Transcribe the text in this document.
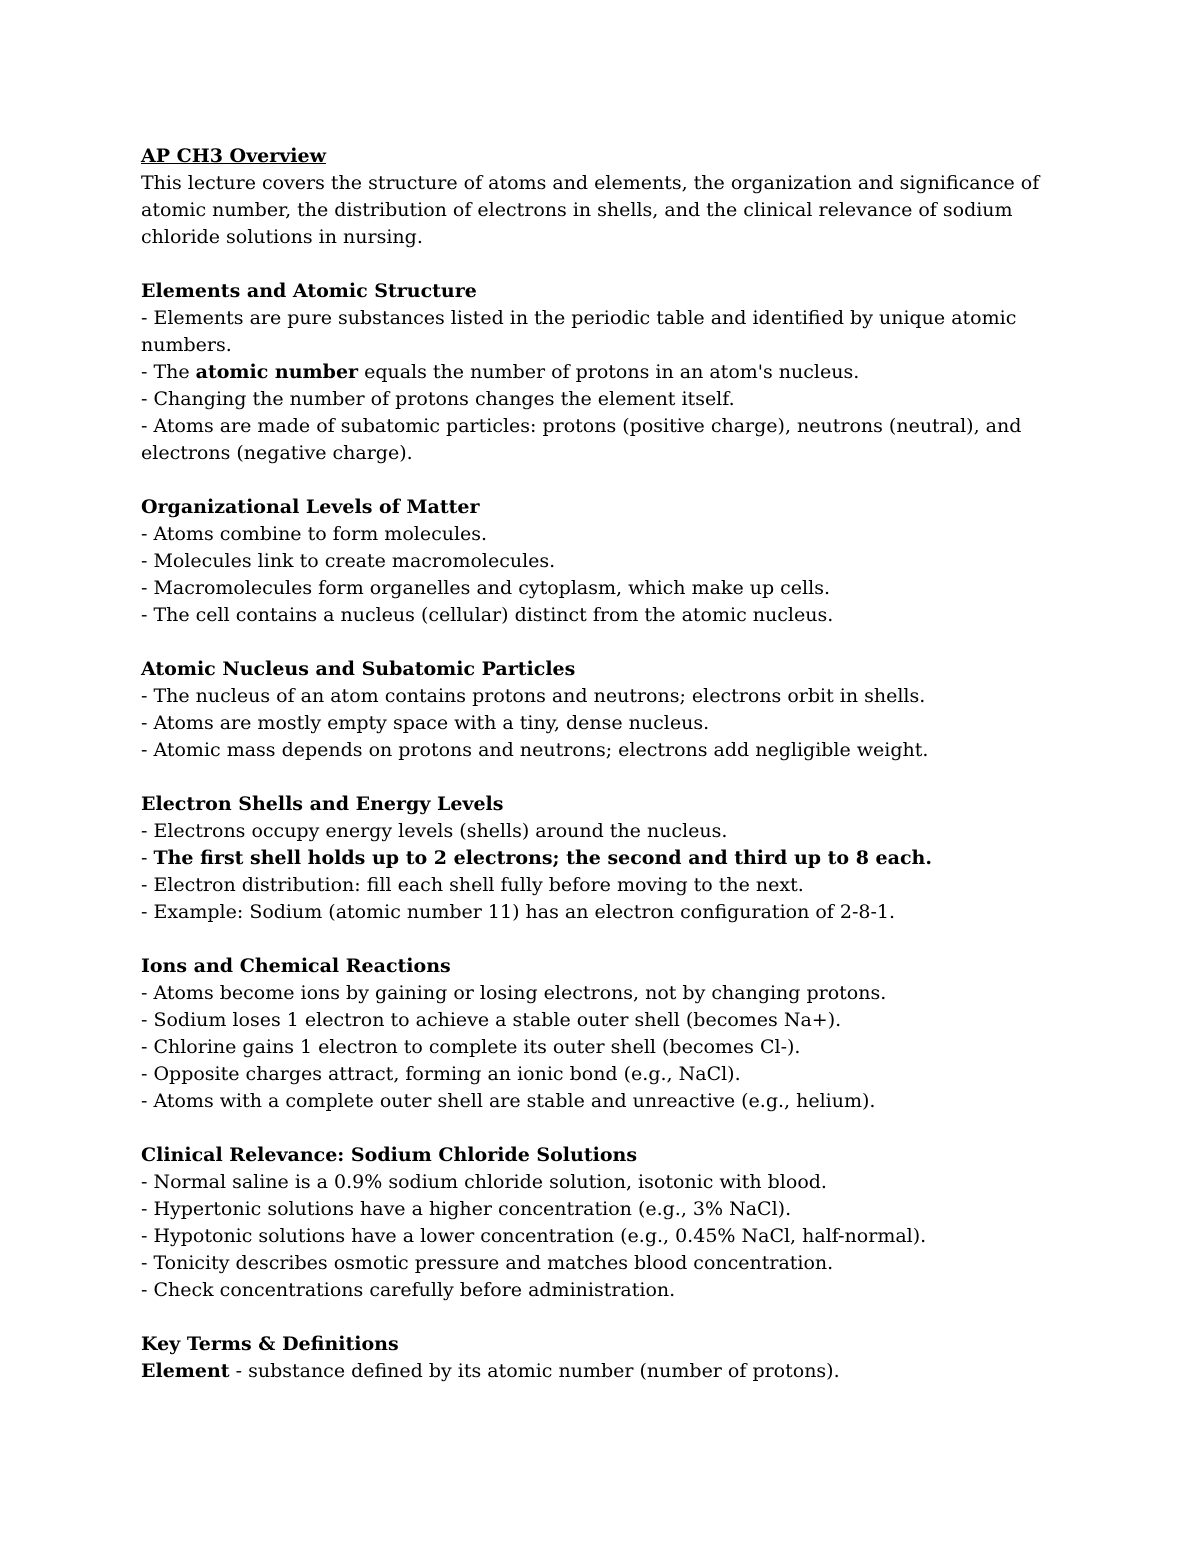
AP CH3 Overview

This lecture covers the structure of atoms and elements, the organization and significance of atomic number, the distribution of electrons in shells, and the clinical relevance of sodium chloride solutions in nursing.

Elements and Atomic Structure

- Elements are pure substances listed in the periodic table and identified by unique atomic numbers.

- The atomic number equals the number of protons in an atom's nucleus.

- Changing the number of protons changes the element itself.

- Atoms are made of subatomic particles: protons (positive charge), neutrons (neutral), and electrons (negative charge).

Organizational Levels of Matter

- Atoms combine to form molecules.

- Molecules link to create macromolecules.

- Macromolecules form organelles and cytoplasm, which make up cells.

- The cell contains a nucleus (cellular) distinct from the atomic nucleus.

Atomic Nucleus and Subatomic Particles

- The nucleus of an atom contains protons and neutrons; electrons orbit in shells.

- Atoms are mostly empty space with a tiny, dense nucleus.

- Atomic mass depends on protons and neutrons; electrons add negligible weight.

Electron Shells and Energy Levels

- Electrons occupy energy levels (shells) around the nucleus.

- The first shell holds up to 2 electrons; the second and third up to 8 each.

- Electron distribution: fill each shell fully before moving to the next.

- Example: Sodium (atomic number 11) has an electron configuration of 2-8-1.

Ions and Chemical Reactions

- Atoms become ions by gaining or losing electrons, not by changing protons.

- Sodium loses 1 electron to achieve a stable outer shell (becomes Na+).

- Chlorine gains 1 electron to complete its outer shell (becomes Cl-).

- Opposite charges attract, forming an ionic bond (e.g., NaCl).

- Atoms with a complete outer shell are stable and unreactive (e.g., helium).

Clinical Relevance: Sodium Chloride Solutions

- Normal saline is a 0.9% sodium chloride solution, isotonic with blood.

- Hypertonic solutions have a higher concentration (e.g., 3% NaCl).

- Hypotonic solutions have a lower concentration (e.g., 0.45% NaCl, half-normal).

- Tonicity describes osmotic pressure and matches blood concentration.

- Check concentrations carefully before administration.

Key Terms & Definitions

Element - substance defined by its atomic number (number of protons).
